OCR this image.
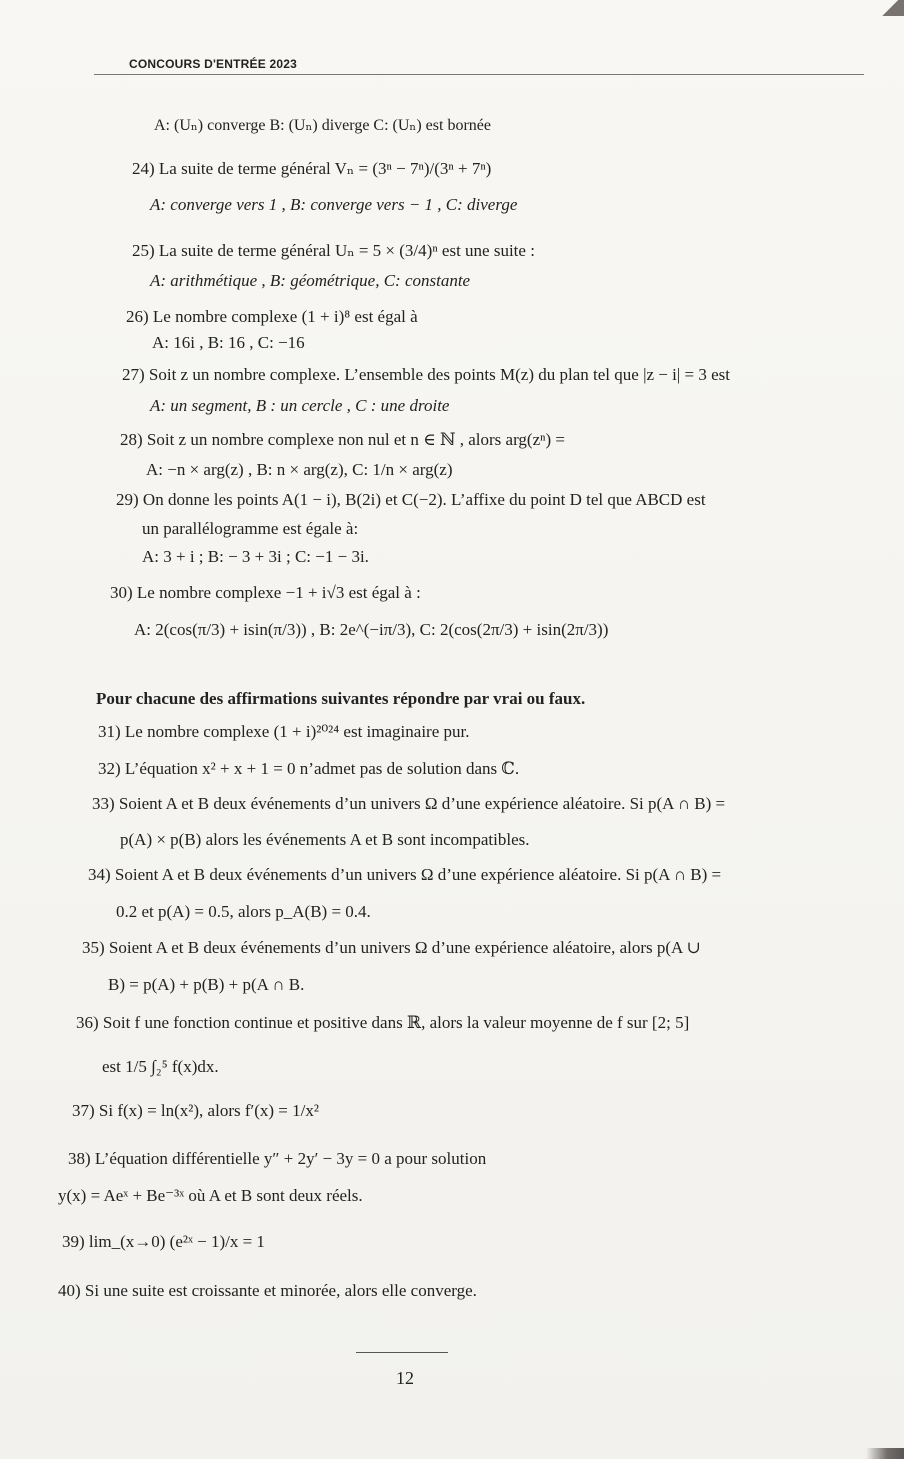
CONCOURS D'ENTRÉE 2023
A: (Uₙ) converge B: (Uₙ) diverge C: (Uₙ) est bornée
24) La suite de terme général Vₙ = (3ⁿ − 7ⁿ)/(3ⁿ + 7ⁿ)
A: converge vers 1 , B: converge vers − 1 , C: diverge
25) La suite de terme général Uₙ = 5 × (3/4)ⁿ est une suite :
A: arithmétique , B: géométrique, C: constante
26) Le nombre complexe (1 + i)⁸ est égal à
A: 16i , B: 16 , C: −16
27) Soit z un nombre complexe. L’ensemble des points M(z) du plan tel que |z − i| = 3 est
A: un segment, B : un cercle , C : une droite
28) Soit z un nombre complexe non nul et n ∈ ℕ , alors arg(zⁿ) =
A: −n × arg(z) , B: n × arg(z), C: 1/n × arg(z)
29) On donne les points A(1 − i), B(2i) et C(−2). L’affixe du point D tel que ABCD est
un parallélogramme est égale à:
A: 3 + i ; B: − 3 + 3i ; C: −1 − 3i.
30) Le nombre complexe −1 + i√3 est égal à :
A: 2(cos(π/3) + isin(π/3)) , B: 2e^(−iπ/3), C: 2(cos(2π/3) + isin(2π/3))
Pour chacune des affirmations suivantes répondre par vrai ou faux.
31) Le nombre complexe (1 + i)²⁰²⁴ est imaginaire pur.
32) L’équation x² + x + 1 = 0 n’admet pas de solution dans ℂ.
33) Soient A et B deux événements d’un univers Ω d’une expérience aléatoire. Si p(A ∩ B) =
p(A) × p(B) alors les événements A et B sont incompatibles.
34) Soient A et B deux événements d’un univers Ω d’une expérience aléatoire. Si p(A ∩ B) =
0.2 et p(A) = 0.5, alors p_A(B) = 0.4.
35) Soient A et B deux événements d’un univers Ω d’une expérience aléatoire, alors p(A ∪
B) = p(A) + p(B) + p(A ∩ B.
36) Soit f une fonction continue et positive dans ℝ, alors la valeur moyenne de f sur [2; 5]
est 1/5 ∫₂⁵ f(x)dx.
37) Si f(x) = ln(x²), alors f′(x) = 1/x²
38) L’équation différentielle y″ + 2y′ − 3y = 0 a pour solution
y(x) = Aeˣ + Be⁻³ˣ où A et B sont deux réels.
39) lim_(x→0) (e²ˣ − 1)/x = 1
40) Si une suite est croissante et minorée, alors elle converge.
12
